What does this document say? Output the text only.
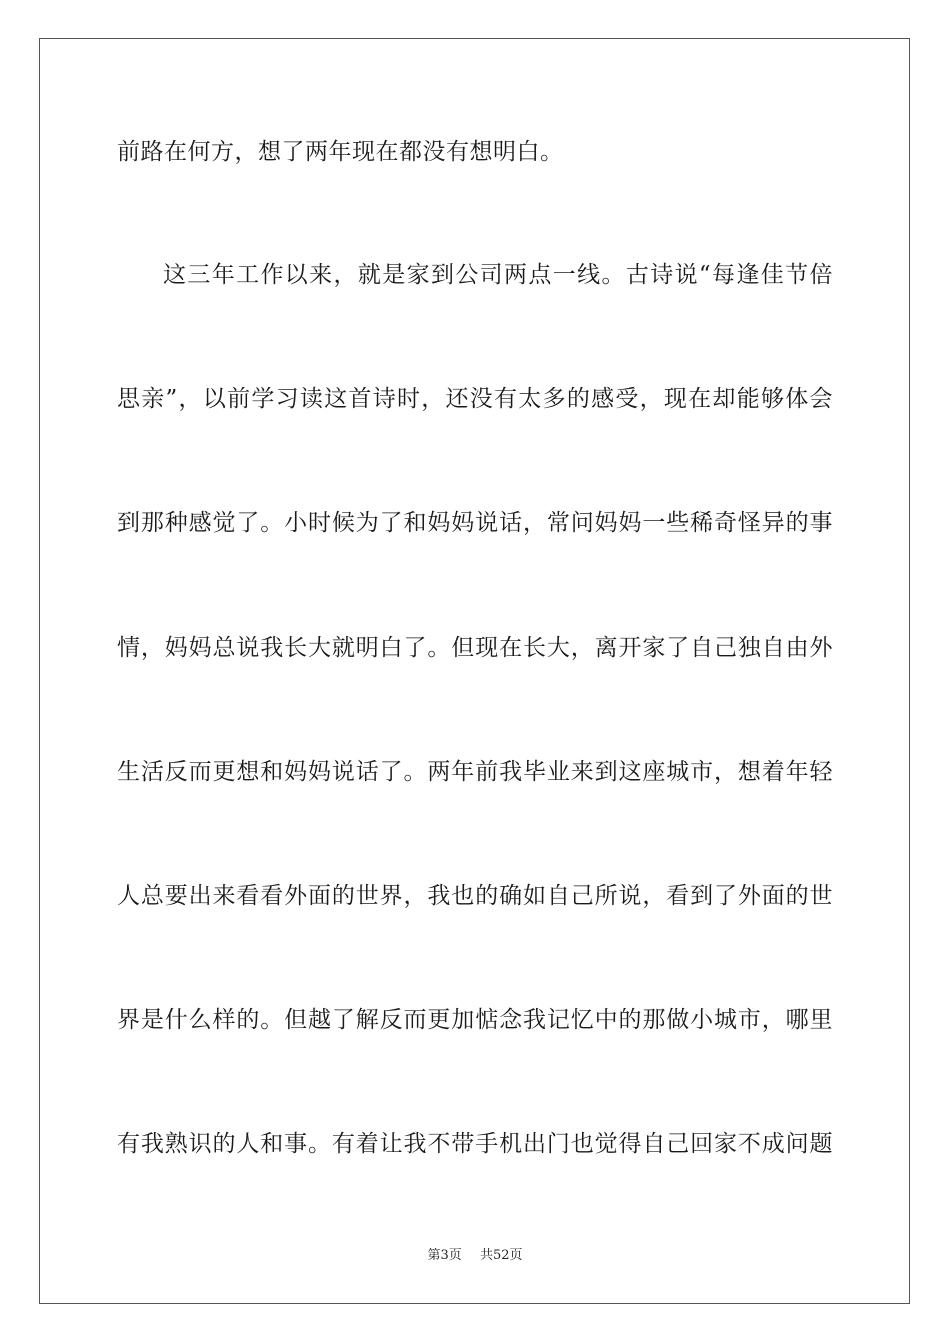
前路在何方，想了两年现在都没有想明白。
这三年工作以来，就是家到公司两点一线。古诗说“每逢佳节倍
思亲”，以前学习读这首诗时，还没有太多的感受，现在却能够体会
到那种感觉了。小时候为了和妈妈说话，常问妈妈一些稀奇怪异的事
情，妈妈总说我长大就明白了。但现在长大，离开家了自己独自由外
生活反而更想和妈妈说话了。两年前我毕业来到这座城市，想着年轻
人总要出来看看外面的世界，我也的确如自己所说，看到了外面的世
界是什么样的。但越了解反而更加惦念我记忆中的那做小城市，哪里
有我熟识的人和事。有着让我不带手机出门也觉得自己回家不成问题
第3页 共52页
